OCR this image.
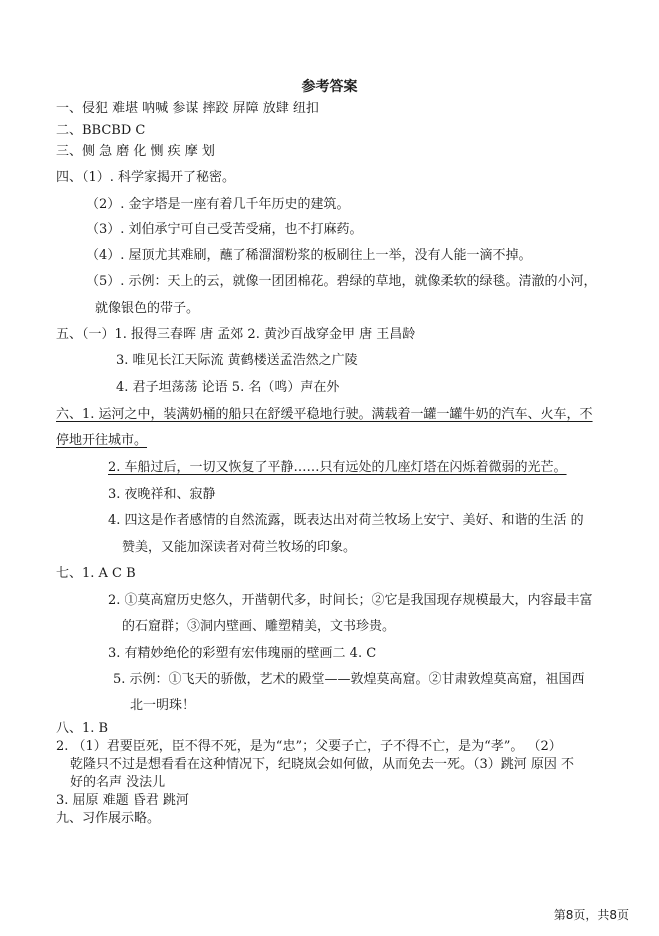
参考答案
一、侵犯 难堪 呐喊 参谋 摔跤 屏障 放肆 纽扣
二、BBCBD C
三、侧 急 磨 化 恻 疾 摩 划
四、（1）. 科学家揭开了秘密。
（2）. 金字塔是一座有着几千年历史的建筑。
（3）. 刘伯承宁可自己受苦受痛，也不打麻药。
（4）. 屋顶尤其难刷，蘸了稀溜溜粉浆的板刷往上一举，没有人能一滴不掉。
（5）. 示例：天上的云，就像一团团棉花。碧绿的草地，就像柔软的绿毯。清澈的小河，
就像银色的带子。
五、（一）1. 报得三春晖 唐 孟郊 2. 黄沙百战穿金甲 唐 王昌龄
3. 唯见长江天际流 黄鹤楼送孟浩然之广陵
4. 君子坦荡荡 论语 5. 名（鸣）声在外
六、1. 运河之中，装满奶桶的船只在舒缓平稳地行驶。满载着一罐一罐牛奶的汽车、火车，不
停地开往城市。
2. 车船过后，一切又恢复了平静……只有远处的几座灯塔在闪烁着微弱的光芒。
3. 夜晚祥和、寂静
4. 四这是作者感情的自然流露，既表达出对荷兰牧场上安宁、美好、和谐的生活 的
赞美，又能加深读者对荷兰牧场的印象。
七、1. A C B
2. ①莫高窟历史悠久，开凿朝代多，时间长；②它是我国现存规模最大，内容最丰富
的石窟群；③洞内壁画、雕塑精美，文书珍贵。
3. 有精妙绝伦的彩塑有宏伟瑰丽的壁画二 4. C
5. 示例：①飞天的骄傲，艺术的殿堂——敦煌莫高窟。②甘肃敦煌莫高窟，祖国西
北一明珠！
八、1. B
2. （1）君要臣死，臣不得不死，是为“忠”；父要子亡，子不得不亡，是为“孝”。 （2）
乾隆只不过是想看看在这种情况下，纪晓岚会如何做，从而免去一死。（3）跳河 原因 不
好的名声 没法儿
3. 屈原 难题 昏君 跳河
九、习作展示略。
第8页，共8页
